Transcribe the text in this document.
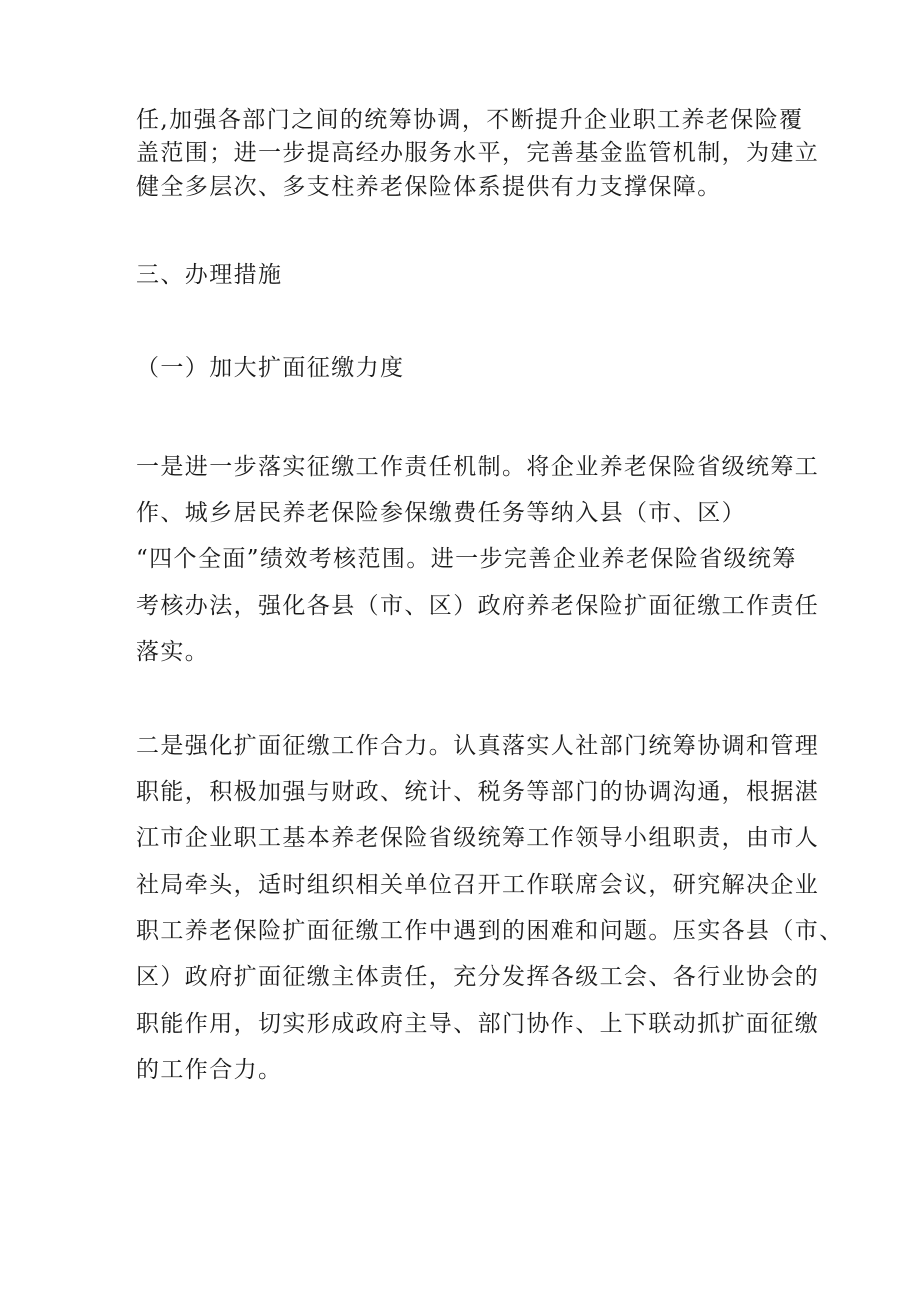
任,加强各部门之间的统筹协调，不断提升企业职工养老保险覆
盖范围；进一步提高经办服务水平，完善基金监管机制，为建立
健全多层次、多支柱养老保险体系提供有力支撑保障。
三、办理措施
（一）加大扩面征缴力度
一是进一步落实征缴工作责任机制。将企业养老保险省级统筹工
作、城乡居民养老保险参保缴费任务等纳入县（市、区）
“四个全面”绩效考核范围。进一步完善企业养老保险省级统筹
考核办法，强化各县（市、区）政府养老保险扩面征缴工作责任
落实。
二是强化扩面征缴工作合力。认真落实人社部门统筹协调和管理
职能，积极加强与财政、统计、税务等部门的协调沟通，根据湛
江市企业职工基本养老保险省级统筹工作领导小组职责，由市人
社局牵头，适时组织相关单位召开工作联席会议，研究解决企业
职工养老保险扩面征缴工作中遇到的困难和问题。压实各县（市、
区）政府扩面征缴主体责任，充分发挥各级工会、各行业协会的
职能作用，切实形成政府主导、部门协作、上下联动抓扩面征缴
的工作合力。
